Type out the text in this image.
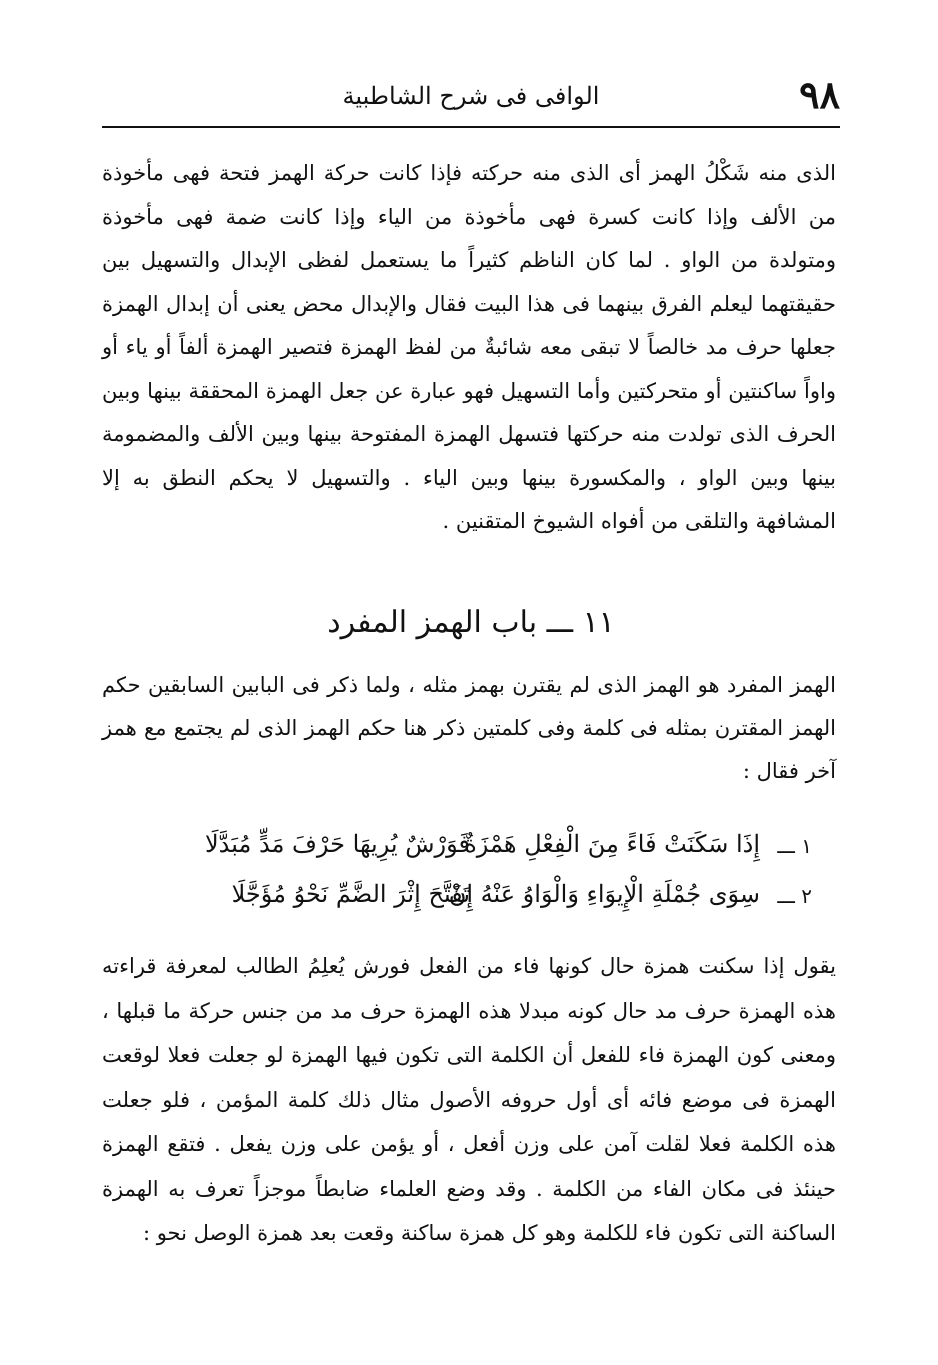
٩٨
الوافى فى شرح الشاطبية
الذى منه شَكْلُ الهمز أى الذى منه حركته فإذا كانت حركة الهمز فتحة فهى مأخوذة من الألف وإذا كانت كسرة فهى مأخوذة من الياء وإذا كانت ضمة فهى مأخوذة ومتولدة من الواو . لما كان الناظم كثيراً ما يستعمل لفظى الإبدال والتسهيل بين حقيقتهما ليعلم الفرق بينهما فى هذا البيت فقال والإبدال محض يعنى أن إبدال الهمزة جعلها حرف مد خالصاً لا تبقى معه شائبةٌ من لفظ الهمزة فتصير الهمزة ألفاً أو ياء أو واواً ساكنتين أو متحركتين وأما التسهيل فهو عبارة عن جعل الهمزة المحققة بينها وبين الحرف الذى تولدت منه حركتها فتسهل الهمزة المفتوحة بينها وبين الألف والمضمومة بينها وبين الواو ، والمكسورة بينها وبين الياء . والتسهيل لا يحكم النطق به إلا المشافهة والتلقى من أفواه الشيوخ المتقنين .
١١ ـــ باب الهمز المفرد
الهمز المفرد هو الهمز الذى لم يقترن بهمز مثله ، ولما ذكر فى البابين السابقين حكم الهمز المقترن بمثله فى كلمة وفى كلمتين ذكر هنا حكم الهمز الذى لم يجتمع مع همز آخر فقال :
١ ـــ
إِذَا سَكَنَتْ فَاءً مِنَ الْفِعْلِ هَمْزَةٌ
فَوَرْشٌ يُرِيهَا حَرْفَ مَدٍّ مُبَدَّلَا
٢ ـــ
سِوَى جُمْلَةِ الْإِيوَاءِ وَالْوَاوُ عَنْهُ إِنْ
تَفَتَّحَ إِثْرَ الضَّمِّ نَحْوُ مُؤَجَّلَا
يقول إذا سكنت همزة حال كونها فاء من الفعل فورش يُعلِمُ الطالب لمعرفة قراءته هذه الهمزة حرف مد حال كونه مبدلا هذه الهمزة حرف مد من جنس حركة ما قبلها ، ومعنى كون الهمزة فاء للفعل أن الكلمة التى تكون فيها الهمزة لو جعلت فعلا لوقعت الهمزة فى موضع فائه أى أول حروفه الأصول مثال ذلك كلمة المؤمن ، فلو جعلت هذه الكلمة فعلا لقلت آمن على وزن أفعل ، أو يؤمن على وزن يفعل . فتقع الهمزة حينئذ فى مكان الفاء من الكلمة . وقد وضع العلماء ضابطاً موجزاً تعرف به الهمزة الساكنة التى تكون فاء للكلمة وهو كل همزة ساكنة وقعت بعد همزة الوصل نحو :
